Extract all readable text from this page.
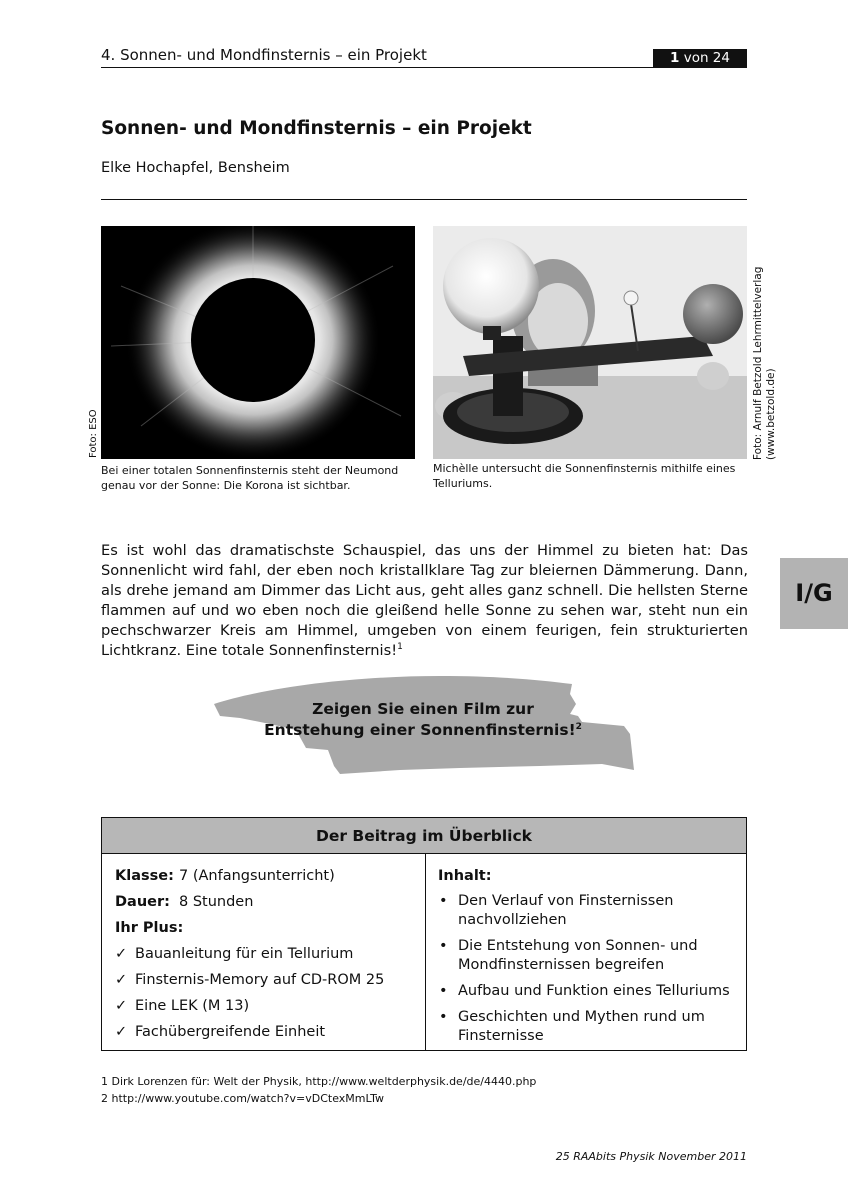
4. Sonnen- und Mondfinsternis – ein Projekt	1 von 24
Sonnen- und Mondfinsternis – ein Projekt
Elke Hochapfel, Bensheim
Foto: ESO
Bei einer totalen Sonnenfinsternis steht der Neumond genau vor der Sonne: Die Korona ist sichtbar.
Foto: Arnulf Betzold Lehrmittelverlag (www.betzold.de)
Michèlle untersucht die Sonnenfinsternis mithilfe eines Telluriums.
Es ist wohl das dramatischste Schauspiel, das uns der Himmel zu bieten hat: Das Sonnenlicht wird fahl, der eben noch kristallklare Tag zur bleiernen Dämmerung. Dann, als drehe jemand am Dimmer das Licht aus, geht alles ganz schnell. Die hellsten Sterne flammen auf und wo eben noch die gleißend helle Sonne zu sehen war, steht nun ein pechschwarzer Kreis am Himmel, umgeben von einem feurigen, fein strukturierten Lichtkranz. Eine totale Sonnenfinsternis!$^1$
I/G
Zeigen Sie einen Film zur
Entstehung einer Sonnenfinsternis!$^2$
Der Beitrag im Überblick
Klasse: 7 (Anfangsunterricht)
Dauer: 8 Stunden
Ihr Plus:
✓ Bauanleitung für ein Tellurium
✓ Finsternis-Memory auf CD-ROM 25
✓ Eine LEK (M 13)
✓ Fachübergreifende Einheit
Inhalt:
• Den Verlauf von Finsternissen nachvollziehen
• Die Entstehung von Sonnen- und Mondfinsternissen begreifen
• Aufbau und Funktion eines Telluriums
• Geschichten und Mythen rund um Finsternisse
1 Dirk Lorenzen für: Welt der Physik, http://www.weltderphysik.de/de/4440.php
2 http://www.youtube.com/watch?v=vDCtexMmLTw
25 RAAbits Physik November 2011
